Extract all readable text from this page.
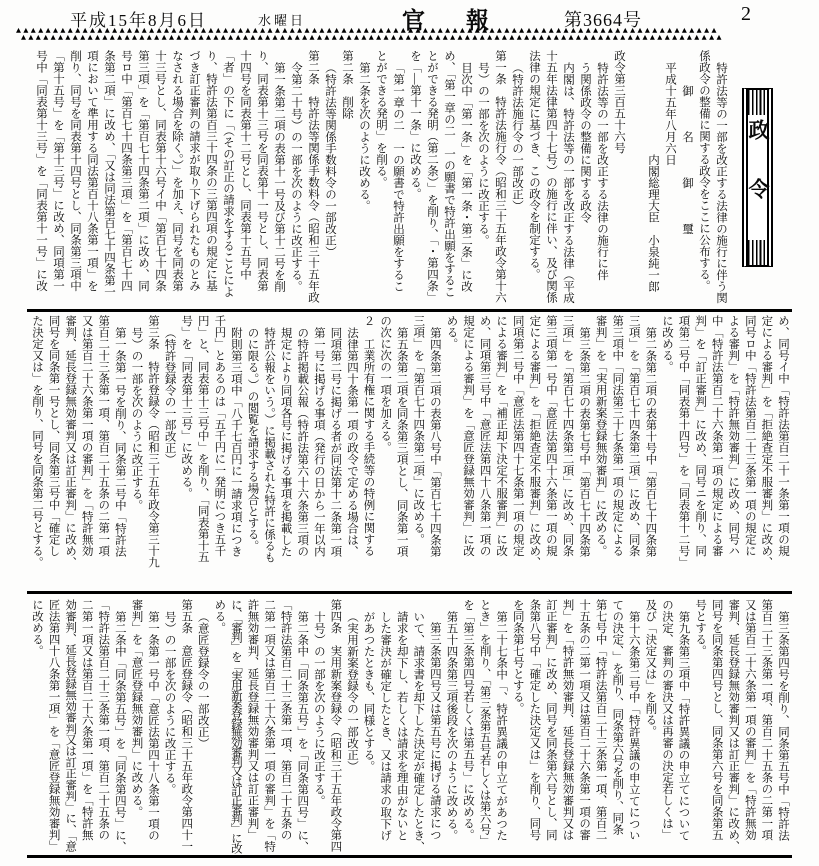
平成15年8月6日	水曜日	官報 第3664号	2
▲▲▲▲▲▲▲▲▲▲▲▲▲▲▲▲▲▲▲▲▲▲▲▲▲▲▲▲▲▲▲▲▲▲▲▲▲▲▲▲▲▲▲▲▲▲▲▲▲▲▲▲▲▲▲▲▲▲▲▲▲▲▲▲▲▲▲▲▲▲▲▲▲▲▲▲▲▲▲▲▲▲▲▲▲▲▲▲▲▲▲▲▲▲▲
▲▲▲▲▲▲▲▲▲▲▲▲▲▲▲▲▲▲▲▲▲▲▲▲▲▲▲▲▲▲▲▲▲▲▲▲▲▲▲▲▲▲▲▲▲▲▲▲▲▲▲▲▲▲▲▲▲▲▲▲▲▲▲▲▲▲▲▲▲▲▲▲▲▲▲▲▲▲▲▲▲▲▲▲▲▲▲▲▲▲▲▲▲▲▲
政令
特許法等の一部を改正する法律の施行に伴う関
係政令の整備に関する政令をここに公布する。
御　　　名　　　御　　　璽
平成十五年八月六日
内閣総理大臣　小泉純一郎

政令第三百五十六号
特許法等の一部を改正する法律の施行に伴
う関係政令の整備に関する政令
内閣は、特許法等の一部を改正する法律（平成
十五年法律第四十七号）の施行に伴い、及び関係
法律の規定に基づき、この政令を制定する。
（特許法施行令の一部改正）
第一条　特許法施行令（昭和三十五年政令第十六
号）の一部を次のように改正する。
目次中「第一条」を「第一条・第二条」に改
め、「第一章の二　一の願書で特許出願をするこ
とができる発明（第二条）」を削り、「・第四条」
を「―第十一条」に改める。
「第一章の二　一の願書で特許出願をするこ
とができる発明」を削る。
第二条を次のように改める。
第二条　削除
（特許法等関係手数料令の一部改正）
第二条　特許法等関係手数料令（昭和三十五年政
令第二十号）の一部を次のように改正する。
第一条第二項の表第十一号及び第十二号を削
り、同表第十三号を同表第十一号とし、同表第
十四号を同表第十二号とし、同表第十五号中
「者」の下に「（その訂正の請求をすることによ
り、特許法第百三十四条の三第四項の規定に基
づき訂正審判の請求が取り下げられたものとみ
なされる場合を除く。）」を加え、同号を同表第
十三号とし、同表第十六号イ中「第百七十四条
第三項」を「第百七十四条第二項」に改め、同
号ロ中「第百七十四条第三項」を「第百七十四
条第二項」に改め、「又は同法第百七十四条第一
項において準用する同法第百十八条第一項」を
削り、同号を同表第十四号とし、同条第三項中
「第十五号」を「第十三号」に改め、同項第一
号中「同表第十三号」を「同表第十一号」に改
め、同号イ中「特許法第百二十一条第一項の規
定による審判」を「拒絶査定不服審判」に改め、
同号ロ中「特許法第百二十三条第一項の規定に
よる審判」を「特許無効審判」に改め、同号ハ
中「特許法第百二十六条第一項の規定による審
判」を「訂正審判」に改め、同号ニを削り、同
項第二号中「同表第十四号」を「同表第十二号」
に改める。
第二条第二項の表第十号中「第百七十四条第
三項」を「第百七十四条第二項」に改め、同条
第三項中「同法第三十七条第一項の規定による
審判」を「実用新案登録無効審判」に改める。
第三条第二項の表第七号中「第百七十四条第
三項」を「第百七十四条第二項」に改め、同条
第三項第一号中「意匠法第四十六条第一項の規
定による審判」を「拒絶査定不服審判」に改め、
同項第二号中「意匠法第四十七条第一項の規定
による審判」を「補正却下決定不服審判」に改
め、同項第三号中「意匠法第四十八条第一項の
規定による審判」を「意匠登録無効審判」に改
める。
第四条第二項の表第八号中「第百七十四条第
三項」を「第百七十四条第二項」に改める。
第五条第二項を同条第三項とし、同条第一項
の次に次の一項を加える。
２　工業所有権に関する手続等の特例に関する
法律第四十条第一項の政令で定める場合は、
同項第二号に掲げる者が同法第十二条第一項
第一号に掲げる事項（発行の日から一年以内
の特許掲載公報（特許法第六十六条第三項の
規定により同項各号に掲げる事項を掲載した
特許公報をいう。）に掲載された特許に係るも
のに限る。）の閲覧を請求する場合とする。
附則第三項中「八千七百円に一請求項につき
千円」とあるのは「五千円に一発明につき五千
円」と、同表第十三号中」を削り、「同表第十五
号」を「同表第十三号」に改める。
（特許登録令の一部改正）
第三条　特許登録令（昭和三十五年政令第三十九
号）の一部を次のように改正する。
第一条第一号を削り、同条第二号中「特許法
第百二十三条第一項、第百二十五条の二第一項
又は第百二十六条第一項の審判」を「特許無効
審判、延長登録無効審判又は訂正審判」に改め、
同号を同条第一号とし、同条第三号中「確定し
た決定又は」を削り、同号を同条第二号とする。
第三条第四号を削り、同条第五号中「特許法
第百二十三条第一項、第百二十五条の二第一項
又は第百二十六条第一項の審判」を「特許無効
審判、延長登録無効審判又は訂正審判」に改め、
同号を同条第四号とし、同条第六号を同条第五
号とする。
第九条第三項中「特許異議の申立てについて
の決定、審判の審決又は再審の決定若しくは」
及び「決定又は」を削る。
第十六条第二号中「特許異議の申立てについ
ての決定、」を削り、同条第六号を削り、同条
第七号中「特許法第百二十三条第一項、第百二
十五条の二第一項又は第百二十六条第一項の審
判」を「特許無効審判、延長登録無効審判又は
訂正審判」に改め、同号を同条第六号とし、同
条第八号中「確定した決定又は」を削り、同号
を同条第七号とする。
第二十七条中「、特許異議の申立てがあつた
とき」を削り、「第三条第五号若しくは第六号」
を「第三条第四号若しくは第五号」に改める。
第五十四条第三項後段を次のように改める。
第三条第四号又は第五号に掲げる請求につ
いて、請求書を却下した決定が確定したとき、
請求を却下し、若しくは請求を理由がないと
した審決が確定したとき、又は請求の取下げ
があつたときも、同様とする。
（実用新案登録令の一部改正）
第四条　実用新案登録令（昭和三十五年政令第四
十号）の一部を次のように改正する。
第二条中「同条第五号」を「同条第四号」に、
「特許法第百二十三条第一項、第百二十五条の
二第一項又は第百二十六条第一項の審判」を「特
許無効審判、延長登録無効審判又は訂正審判」
に、「審判」を「実用新案登録無効審判又は訂正審判」に改
める。
（意匠登録令の一部改正）
第五条　意匠登録令（昭和三十五年政令第四十一
号）の一部を次のように改正する。
第一条第一号中「意匠法第四十八条第一項の
審判」を「意匠登録無効審判」に改める。
第二条中「同条第五号」を「同条第四号」に、
「特許法第百二十三条第一項、第百二十五条の
二第一項又は第百二十六条第一項」を「特許無
効審判、延長登録無効審判又は訂正審判」に、「意
匠法第四十八条第一項」を「意匠登録無効審判」
に改める。
